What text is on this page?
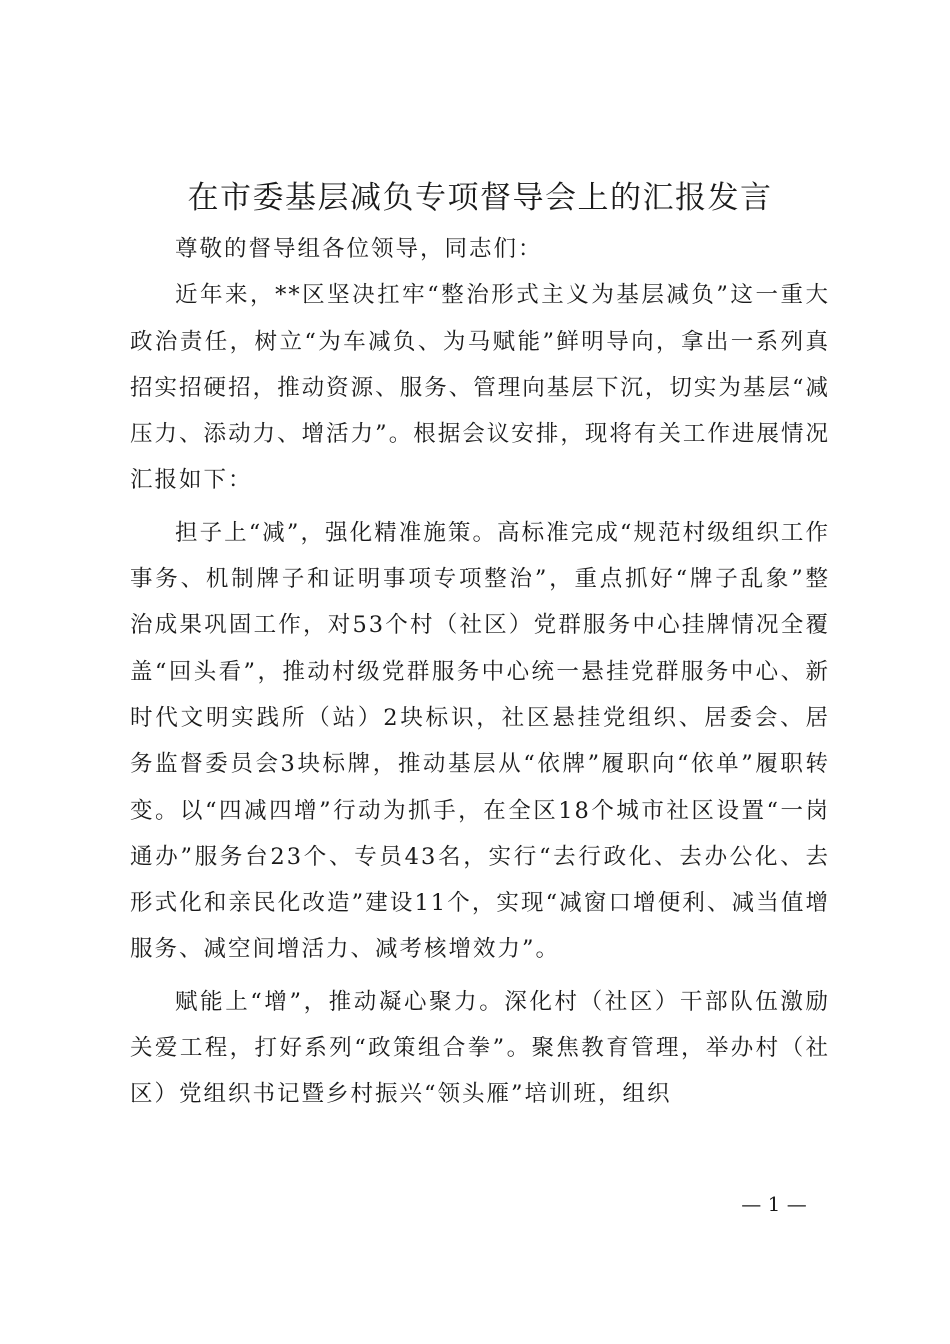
在市委基层减负专项督导会上的汇报发言

尊敬的督导组各位领导，同志们：

近年来，**区坚决扛牢“整治形式主义为基层减负”这一重大政治责任，树立“为车减负、为马赋能”鲜明导向，拿出一系列真招实招硬招，推动资源、服务、管理向基层下沉，切实为基层“减压力、添动力、增活力”。根据会议安排，现将有关工作进展情况汇报如下：

担子上“减”，强化精准施策。高标准完成“规范村级组织工作事务、机制牌子和证明事项专项整治”，重点抓好“牌子乱象”整治成果巩固工作，对53个村（社区）党群服务中心挂牌情况全覆盖“回头看”，推动村级党群服务中心统一悬挂党群服务中心、新时代文明实践所（站）2块标识，社区悬挂党组织、居委会、居务监督委员会3块标牌，推动基层从“依牌”履职向“依单”履职转变。以“四减四增”行动为抓手，在全区18个城市社区设置“一岗通办”服务台23个、专员43名，实行“去行政化、去办公化、去形式化和亲民化改造”建设11个，实现“减窗口增便利、减当值增服务、减空间增活力、减考核增效力”。

赋能上“增”，推动凝心聚力。深化村（社区）干部队伍激励关爱工程，打好系列“政策组合拳”。聚焦教育管理，举办村（社区）党组织书记暨乡村振兴“领头雁”培训班，组织

— 1 —
